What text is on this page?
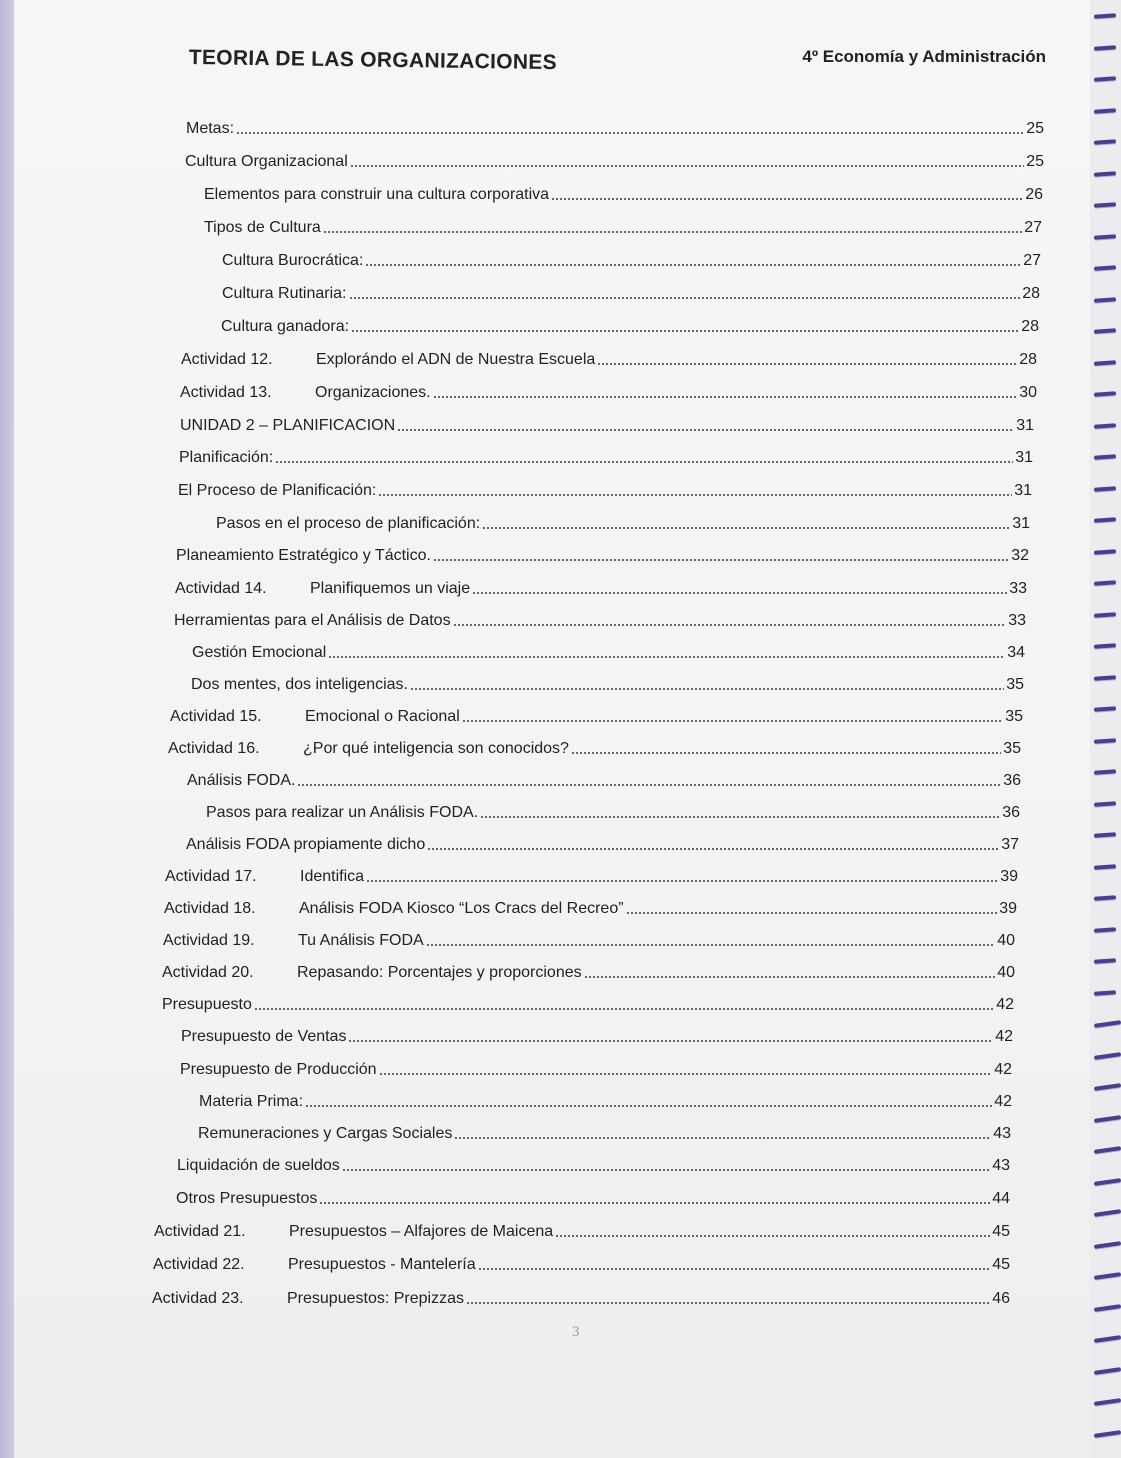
TEORIA DE LAS ORGANIZACIONES	4º Economía y Administración
Metas:	25
Cultura Organizacional	25
Elementos para construir una cultura corporativa	26
Tipos de Cultura	27
Cultura Burocrática:	27
Cultura Rutinaria:	28
Cultura ganadora:	28
Actividad 12.	Explorándo el ADN de Nuestra Escuela	28
Actividad 13.	Organizaciones.	30
UNIDAD 2 – PLANIFICACION	31
Planificación:	31
El Proceso de Planificación:	31
Pasos en el proceso de planificación:	31
Planeamiento Estratégico y Táctico.	32
Actividad 14.	Planifiquemos un viaje	33
Herramientas para el Análisis de Datos	33
Gestión Emocional	34
Dos mentes, dos inteligencias.	35
Actividad 15.	Emocional o Racional	35
Actividad 16.	¿Por qué inteligencia son conocidos?	35
Análisis FODA.	36
Pasos para realizar un Análisis FODA.	36
Análisis FODA propiamente dicho	37
Actividad 17.	Identifica	39
Actividad 18.	Análisis FODA Kiosco “Los Cracs del Recreo”	39
Actividad 19.	Tu Análisis FODA	40
Actividad 20.	Repasando: Porcentajes y proporciones	40
Presupuesto	42
Presupuesto de Ventas	42
Presupuesto de Producción	42
Materia Prima:	42
Remuneraciones y Cargas Sociales	43
Liquidación de sueldos	43
Otros Presupuestos	44
Actividad 21.	Presupuestos – Alfajores de Maicena	45
Actividad 22.	Presupuestos - Mantelería	45
Actividad 23.	Presupuestos: Prepizzas	46
3
